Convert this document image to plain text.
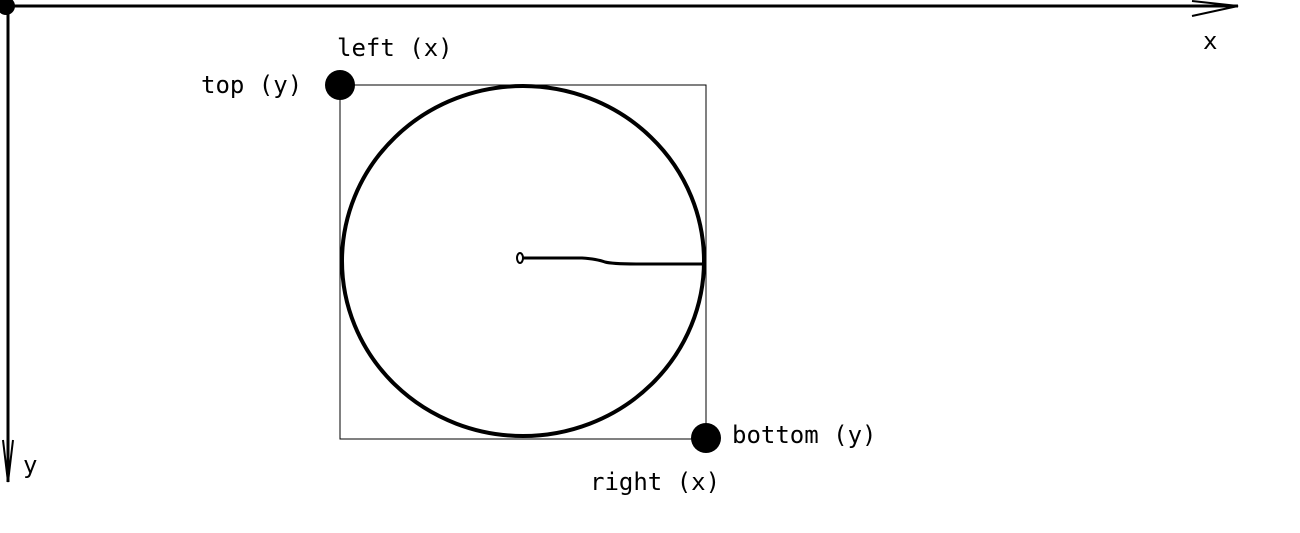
x
y
left (x)
top (y)
bottom (y)
right (x)
